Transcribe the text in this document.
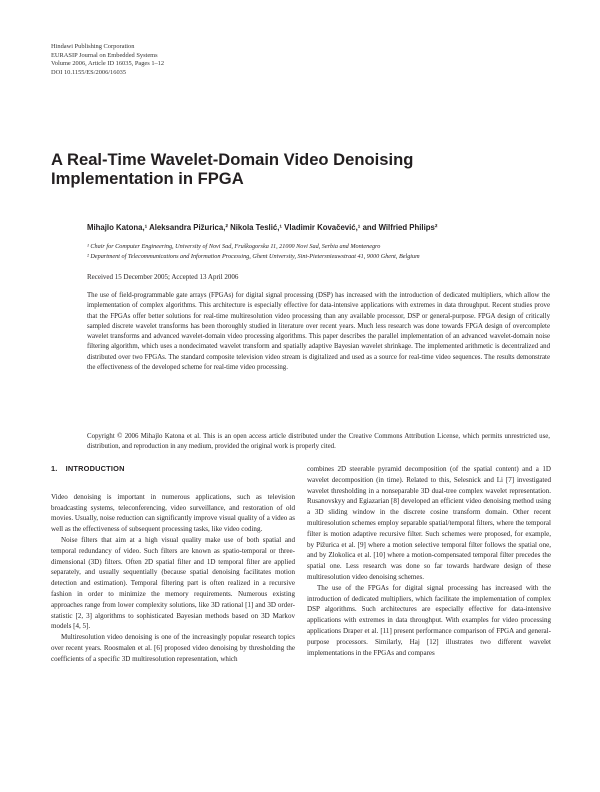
Hindawi Publishing Corporation
EURASIP Journal on Embedded Systems
Volume 2006, Article ID 16035, Pages 1–12
DOI 10.1155/ES/2006/16035
A Real-Time Wavelet-Domain Video Denoising Implementation in FPGA
Mihajlo Katona,¹ Aleksandra Pižurica,² Nikola Teslić,¹ Vladimir Kovačević,¹ and Wilfried Philips²
¹ Chair for Computer Engineering, University of Novi Sad, Fruškogorska 11, 21000 Novi Sad, Serbia and Montenegro
² Department of Telecommunications and Information Processing, Ghent University, Sint-Pietersnieuwstraat 41, 9000 Ghent, Belgium
Received 15 December 2005; Accepted 13 April 2006
The use of field-programmable gate arrays (FPGAs) for digital signal processing (DSP) has increased with the introduction of dedicated multipliers, which allow the implementation of complex algorithms. This architecture is especially effective for data-intensive applications with extremes in data throughput. Recent studies prove that the FPGAs offer better solutions for real-time multiresolution video processing than any available processor, DSP or general-purpose. FPGA design of critically sampled discrete wavelet transforms has been thoroughly studied in literature over recent years. Much less research was done towards FPGA design of overcomplete wavelet transforms and advanced wavelet-domain video processing algorithms. This paper describes the parallel implementation of an advanced wavelet-domain noise filtering algorithm, which uses a nondecimated wavelet transform and spatially adaptive Bayesian wavelet shrinkage. The implemented arithmetic is decentralized and distributed over two FPGAs. The standard composite television video stream is digitalized and used as a source for real-time video sequences. The results demonstrate the effectiveness of the developed scheme for real-time video processing.
Copyright © 2006 Mihajlo Katona et al. This is an open access article distributed under the Creative Commons Attribution License, which permits unrestricted use, distribution, and reproduction in any medium, provided the original work is properly cited.
1. INTRODUCTION

Video denoising is important in numerous applications, such as television broadcasting systems, teleconferencing, video surveillance, and restoration of old movies. Usually, noise reduction can significantly improve visual quality of a video as well as the effectiveness of subsequent processing tasks, like video coding.

Noise filters that aim at a high visual quality make use of both spatial and temporal redundancy of video. Such filters are known as spatio-temporal or three-dimensional (3D) filters. Often 2D spatial filter and 1D temporal filter are applied separately, and usually sequentially (because spatial denoising facilitates motion detection and estimation). Temporal filtering part is often realized in a recursive fashion in order to minimize the memory requirements. Numerous existing approaches range from lower complexity solutions, like 3D rational [1] and 3D order-statistic [2, 3] algorithms to sophisticated Bayesian methods based on 3D Markov models [4, 5].

Multiresolution video denoising is one of the increasingly popular research topics over recent years. Roosmalen et al. [6] proposed video denoising by thresholding the coefficients of a specific 3D multiresolution representation, which

combines 2D steerable pyramid decomposition (of the spatial content) and a 1D wavelet decomposition (in time). Related to this, Selesnick and Li [7] investigated wavelet thresholding in a nonseparable 3D dual-tree complex wavelet representation. Rusanovskyy and Egiazarian [8] developed an efficient video denoising method using a 3D sliding window in the discrete cosine transform domain. Other recent multiresolution schemes employ separable spatial/temporal filters, where the temporal filter is motion adaptive recursive filter. Such schemes were proposed, for example, by Pižurica et al. [9] where a motion selective temporal filter follows the spatial one, and by Zlokolica et al. [10] where a motion-compensated temporal filter precedes the spatial one. Less research was done so far towards hardware design of these multiresolution video denoising schemes.

The use of the FPGAs for digital signal processing has increased with the introduction of dedicated multipliers, which facilitate the implementation of complex DSP algorithms. Such architectures are especially effective for data-intensive applications with extremes in data throughput. With examples for video processing applications Draper et al. [11] present performance comparison of FPGA and general-purpose processors. Similarly, Haj [12] illustrates two different wavelet implementations in the FPGAs and compares
